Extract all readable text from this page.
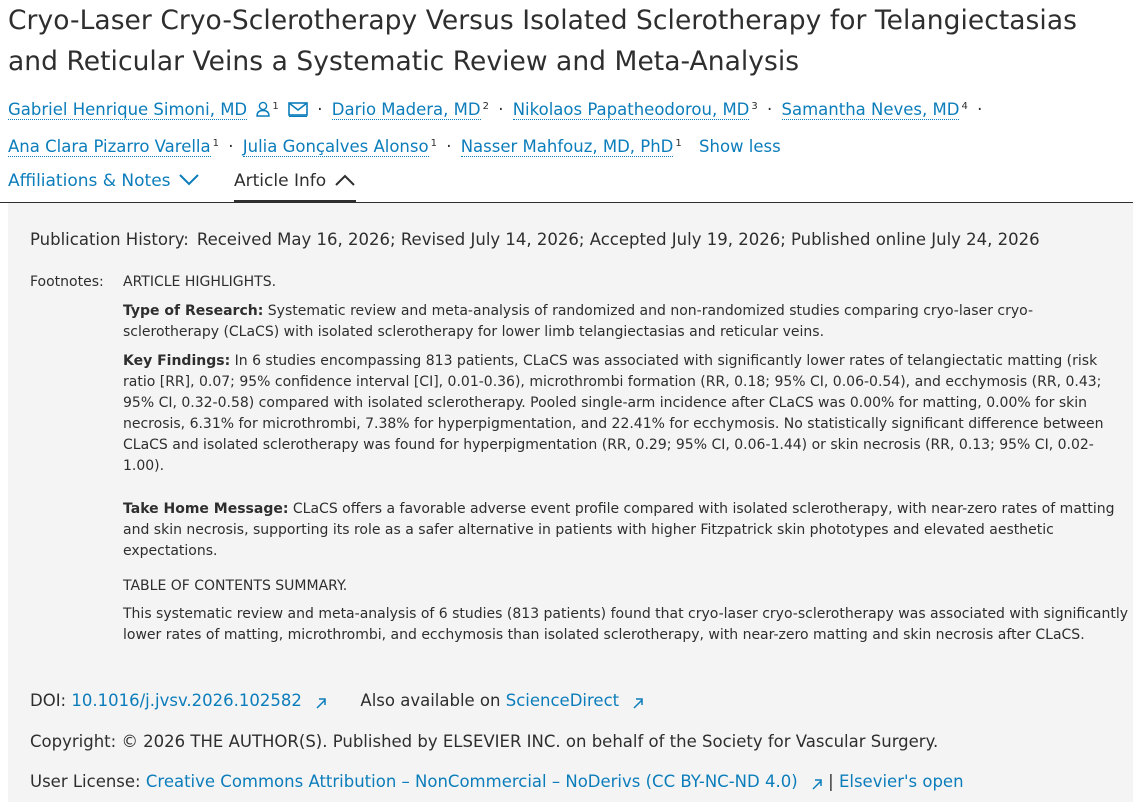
Cryo-Laser Cryo-Sclerotherapy Versus Isolated Sclerotherapy for Telangiectasias and Reticular Veins a Systematic Review and Meta-Analysis
Gabriel Henrique Simoni, MD	$^1$ · Dario Madera, MD $^2$ · Nikolaos Papatheodorou, MD $^3$ · Samantha Neves, MD $^4$ ·
Ana Clara Pizarro Varella $^1$ · Julia Gonçalves Alonso $^1$ · Nasser Mahfouz, MD, PhD $^1$ Show less
Affiliations & Notes	Article Info
Publication History: Received May 16, 2026; Revised July 14, 2026; Accepted July 19, 2026; Published online July 24, 2026
Footnotes: ARTICLE HIGHLIGHTS.
Type of Research: Systematic review and meta-analysis of randomized and non-randomized studies comparing cryo-laser cryo-sclerotherapy (CLaCS) with isolated sclerotherapy for lower limb telangiectasias and reticular veins.
Key Findings: In 6 studies encompassing 813 patients, CLaCS was associated with significantly lower rates of telangiectatic matting (risk ratio [RR], 0.07; 95% confidence interval [CI], 0.01-0.36), microthrombi formation (RR, 0.18; 95% CI, 0.06-0.54), and ecchymosis (RR, 0.43; 95% CI, 0.32-0.58) compared with isolated sclerotherapy. Pooled single-arm incidence after CLaCS was 0.00% for matting, 0.00% for skin necrosis, 6.31% for microthrombi, 7.38% for hyperpigmentation, and 22.41% for ecchymosis. No statistically significant difference between CLaCS and isolated sclerotherapy was found for hyperpigmentation (RR, 0.29; 95% CI, 0.06-1.44) or skin necrosis (RR, 0.13; 95% CI, 0.02-1.00).
Take Home Message: CLaCS offers a favorable adverse event profile compared with isolated sclerotherapy, with near-zero rates of matting and skin necrosis, supporting its role as a safer alternative in patients with higher Fitzpatrick skin phototypes and elevated aesthetic expectations.
TABLE OF CONTENTS SUMMARY.
This systematic review and meta-analysis of 6 studies (813 patients) found that cryo-laser cryo-sclerotherapy was associated with significantly lower rates of matting, microthrombi, and ecchymosis than isolated sclerotherapy, with near-zero matting and skin necrosis after CLaCS.
DOI: 10.1016/j.jvsv.2026.102582	Also available on ScienceDirect
Copyright: © 2026 THE AUTHOR(S). Published by ELSEVIER INC. on behalf of the Society for Vascular Surgery.
User License: Creative Commons Attribution – NonCommercial – NoDerivs (CC BY-NC-ND 4.0) | Elsevier's open
